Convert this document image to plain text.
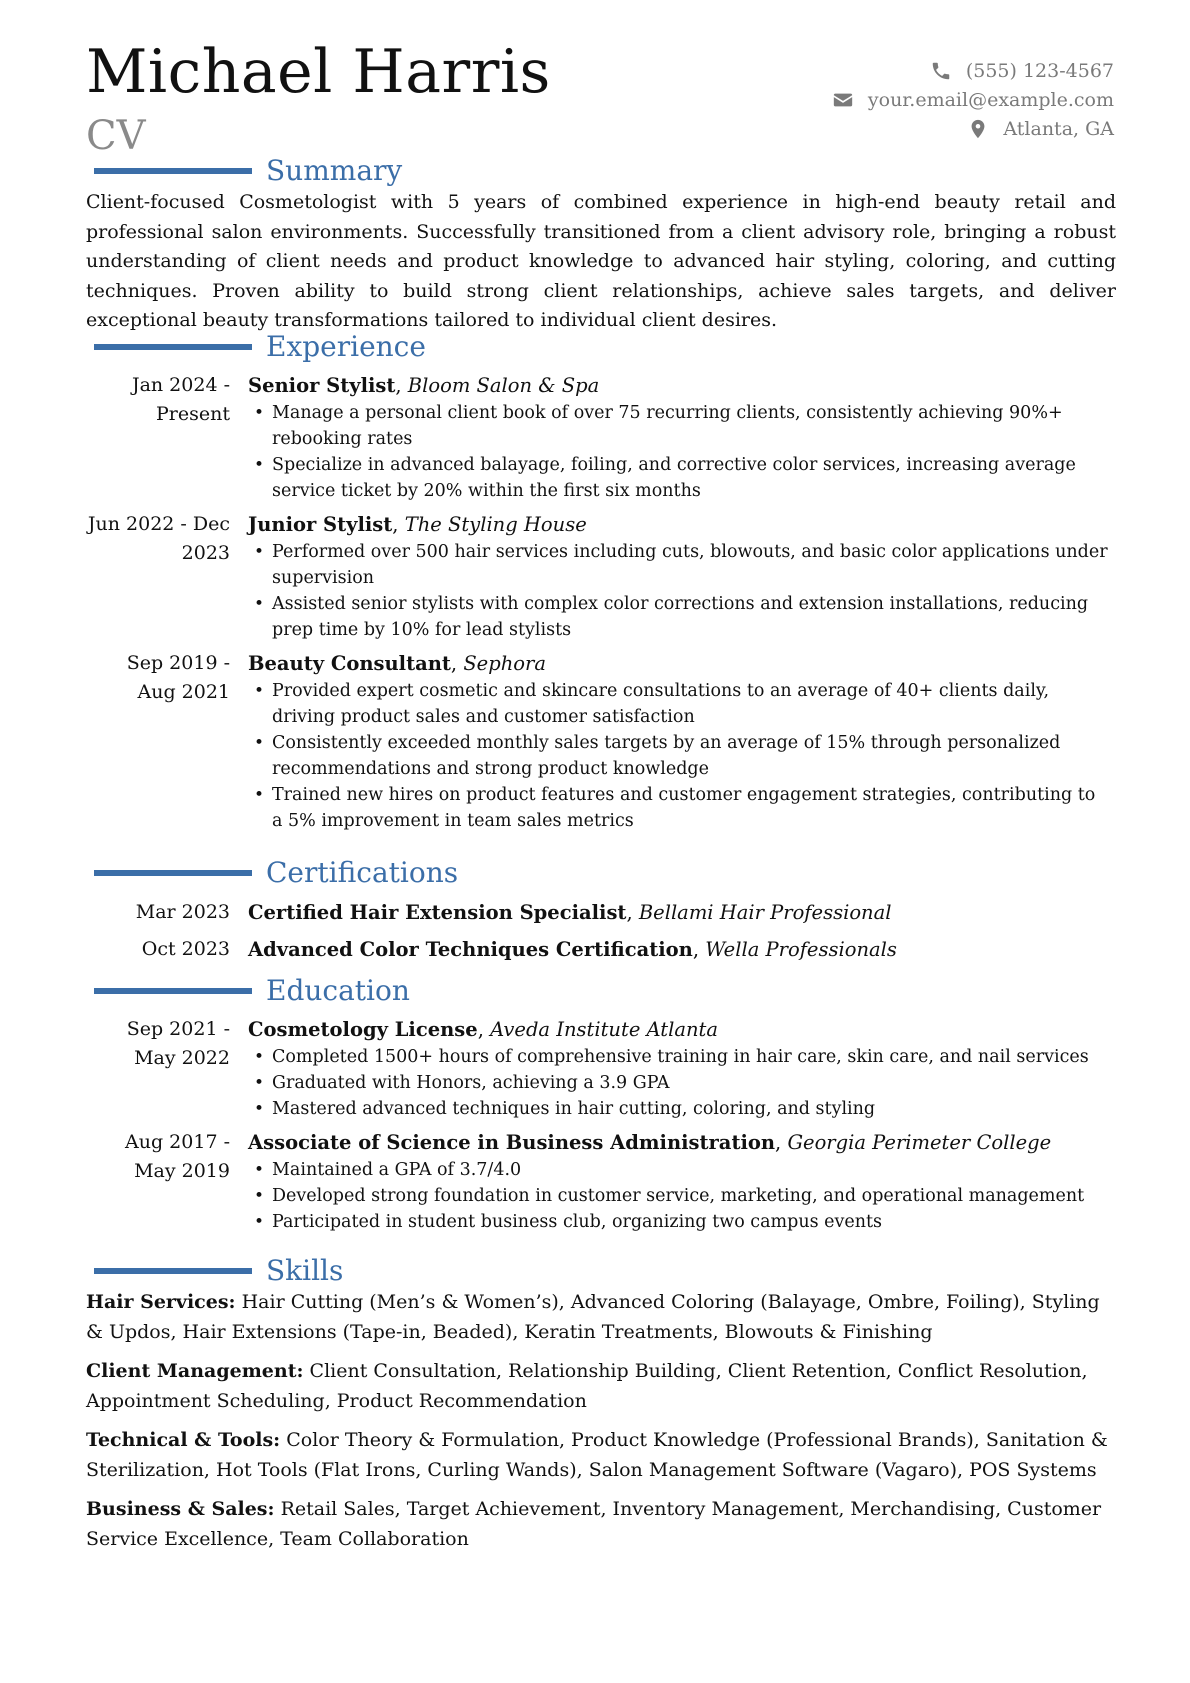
Michael Harris
CV
(555) 123-4567
your.email@example.com
Atlanta, GA
Summary

Client-focused Cosmetologist with 5 years of combined experience in high-end beauty retail and professional salon environments. Successfully transitioned from a client advisory role, bringing a robust understanding of client needs and product knowledge to advanced hair styling, coloring, and cutting techniques. Proven ability to build strong client relationships, achieve sales targets, and deliver exceptional beauty transformations tailored to individual client desires.

Experience
Jan 2024 - Present
Senior Stylist, Bloom Salon & Spa
• Manage a personal client book of over 75 recurring clients, consistently achieving 90%+ rebooking rates
• Specialize in advanced balayage, foiling, and corrective color services, increasing average service ticket by 20% within the first six months
Jun 2022 - Dec 2023
Junior Stylist, The Styling House
• Performed over 500 hair services including cuts, blowouts, and basic color applications under supervision
• Assisted senior stylists with complex color corrections and extension installations, reducing prep time by 10% for lead stylists
Sep 2019 - Aug 2021
Beauty Consultant, Sephora
• Provided expert cosmetic and skincare consultations to an average of 40+ clients daily, driving product sales and customer satisfaction
• Consistently exceeded monthly sales targets by an average of 15% through personalized recommendations and strong product knowledge
• Trained new hires on product features and customer engagement strategies, contributing to a 5% improvement in team sales metrics
Certifications
Mar 2023 Certified Hair Extension Specialist, Bellami Hair Professional
Oct 2023 Advanced Color Techniques Certification, Wella Professionals
Education
Sep 2021 - May 2022
Cosmetology License, Aveda Institute Atlanta
• Completed 1500+ hours of comprehensive training in hair care, skin care, and nail services
• Graduated with Honors, achieving a 3.9 GPA
• Mastered advanced techniques in hair cutting, coloring, and styling
Aug 2017 - May 2019
Associate of Science in Business Administration, Georgia Perimeter College
• Maintained a GPA of 3.7/4.0
• Developed strong foundation in customer service, marketing, and operational management
• Participated in student business club, organizing two campus events
Skills

Hair Services: Hair Cutting (Men’s & Women’s), Advanced Coloring (Balayage, Ombre, Foiling), Styling & Updos, Hair Extensions (Tape-in, Beaded), Keratin Treatments, Blowouts & Finishing

Client Management: Client Consultation, Relationship Building, Client Retention, Conflict Resolution, Appointment Scheduling, Product Recommendation

Technical & Tools: Color Theory & Formulation, Product Knowledge (Professional Brands), Sanitation & Sterilization, Hot Tools (Flat Irons, Curling Wands), Salon Management Software (Vagaro), POS Systems

Business & Sales: Retail Sales, Target Achievement, Inventory Management, Merchandising, Customer Service Excellence, Team Collaboration
